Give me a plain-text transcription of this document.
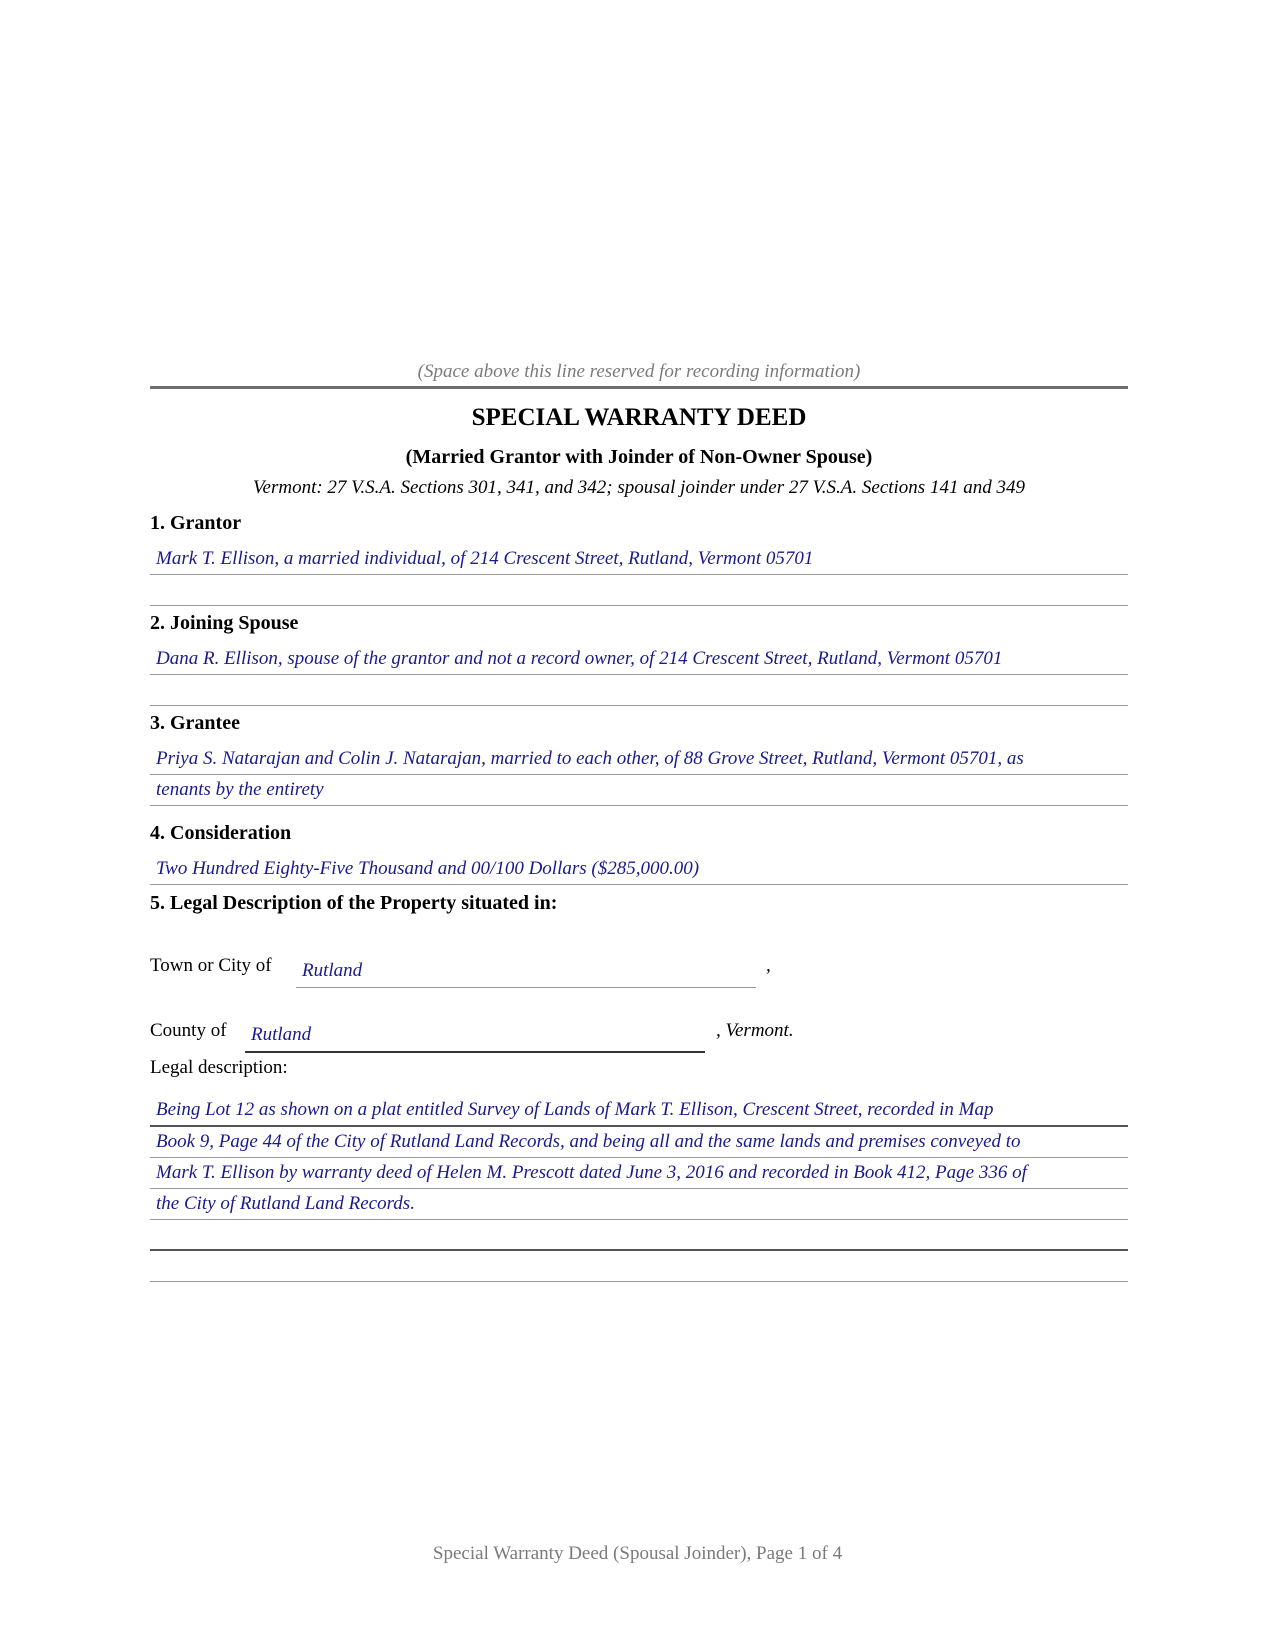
(Space above this line reserved for recording information)
SPECIAL WARRANTY DEED
(Married Grantor with Joinder of Non-Owner Spouse)
Vermont: 27 V.S.A. Sections 301, 341, and 342; spousal joinder under 27 V.S.A. Sections 141 and 349
1. Grantor
Mark T. Ellison, a married individual, of 214 Crescent Street, Rutland, Vermont 05701
2. Joining Spouse
Dana R. Ellison, spouse of the grantor and not a record owner, of 214 Crescent Street, Rutland, Vermont 05701
3. Grantee
Priya S. Natarajan and Colin J. Natarajan, married to each other, of 88 Grove Street, Rutland, Vermont 05701, as
tenants by the entirety
4. Consideration
Two Hundred Eighty-Five Thousand and 00/100 Dollars ($285,000.00)
5. Legal Description of the Property situated in:
Town or City of Rutland	,
County of Rutland	, Vermont.
Legal description:
Being Lot 12 as shown on a plat entitled Survey of Lands of Mark T. Ellison, Crescent Street, recorded in Map
Book 9, Page 44 of the City of Rutland Land Records, and being all and the same lands and premises conveyed to
Mark T. Ellison by warranty deed of Helen M. Prescott dated June 3, 2016 and recorded in Book 412, Page 336 of
the City of Rutland Land Records.
Special Warranty Deed (Spousal Joinder), Page 1 of 4
